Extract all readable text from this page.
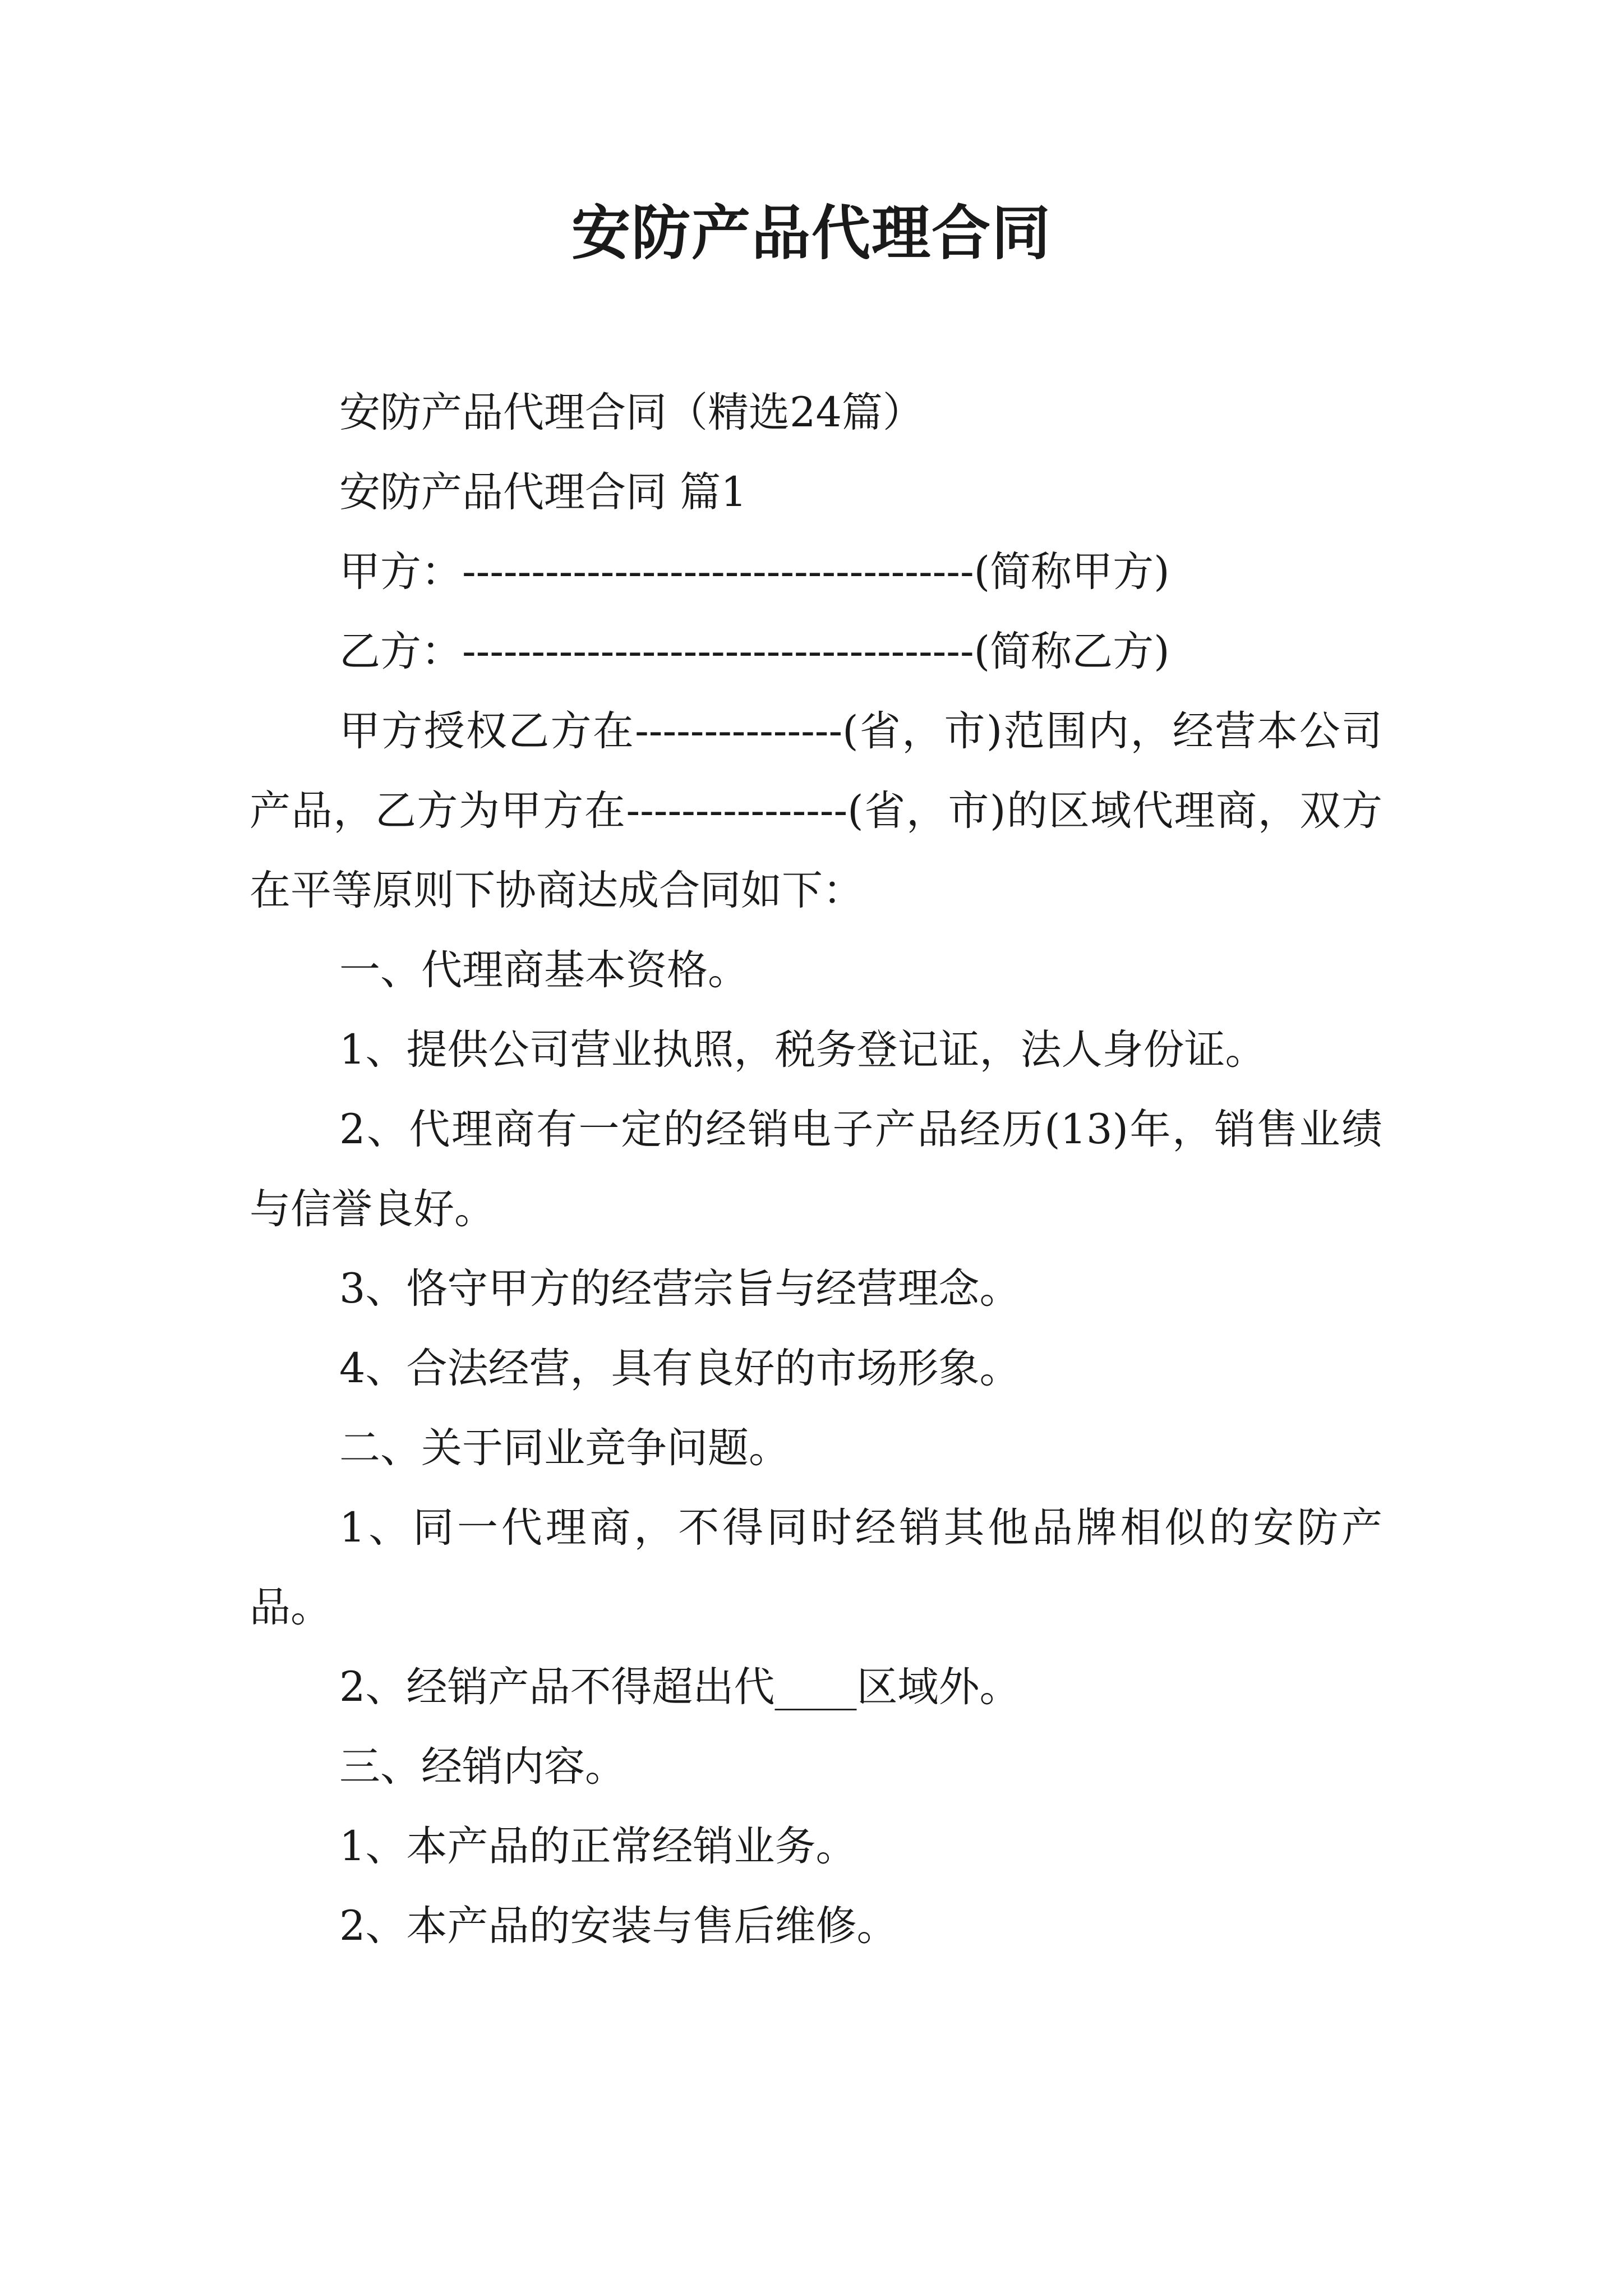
安防产品代理合同

安防产品代理合同（精选24篇）

安防产品代理合同 篇1

甲方：-------------------------------------(简称甲方)

乙方：-------------------------------------(简称乙方)

甲方授权乙方在---------------(省，市)范围内，经营本公司产品，乙方为甲方在----------------(省，市)的区域代理商，双方在平等原则下协商达成合同如下：

一、代理商基本资格。

1、提供公司营业执照，税务登记证，法人身份证。

2、代理商有一定的经销电子产品经历(13)年，销售业绩与信誉良好。

3、恪守甲方的经营宗旨与经营理念。

4、合法经营，具有良好的市场形象。

二、关于同业竞争问题。

1、同一代理商，不得同时经销其他品牌相似的安防产品。

2、经销产品不得超出代____区域外。

三、经销内容。

1、本产品的正常经销业务。

2、本产品的安装与售后维修。
